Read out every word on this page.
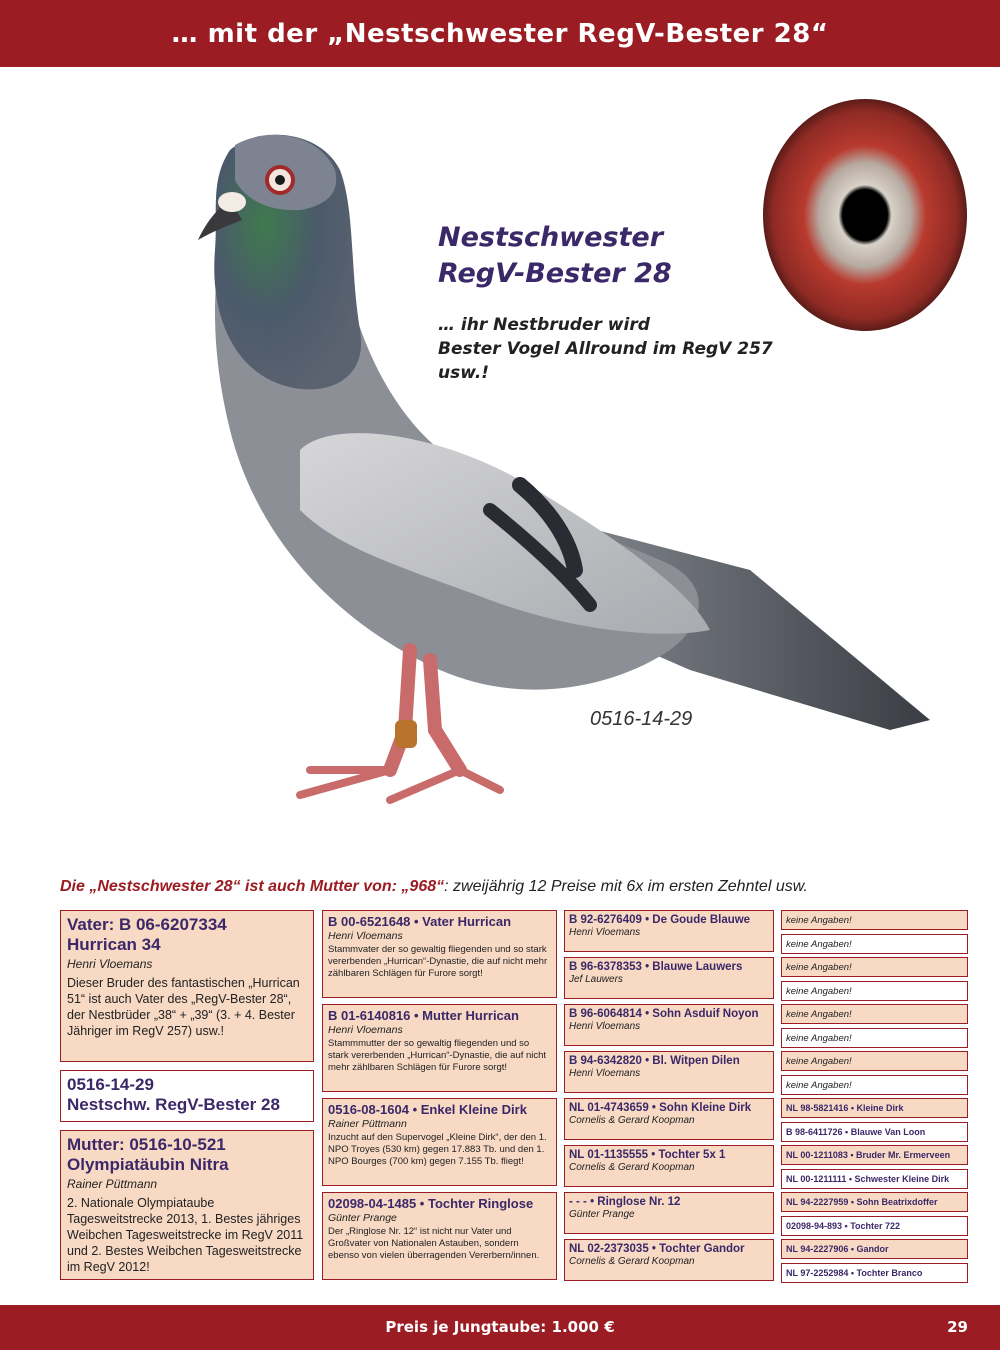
… mit der „Nestschwester RegV-Bester 28“
Nestschwester
RegV-Bester 28
… ihr Nestbruder wird
Bester Vogel Allround im RegV 257
usw.!
0516-14-29
Die „Nestschwester 28“ ist auch Mutter von: „968“: zweijährig 12 Preise mit 6x im ersten Zehntel usw.
Vater: B 06-6207334
Hurrican 34
Henri Vloemans
Dieser Bruder des fantastischen „Hurrican 51“ ist auch Vater des „RegV-Bester 28“, der Nestbrüder „38“ + „39“ (3. + 4. Bester Jähriger im RegV 257) usw.!
0516-14-29
Nestschw. RegV-Bester 28
Mutter: 0516-10-521
Olympiatäubin Nitra
Rainer Püttmann
2. Nationale Olympiataube Tagesweitstrecke 2013, 1. Bestes jähriges Weibchen Tagesweitstrecke im RegV 2011 und 2. Bestes Weibchen Tagesweitstrecke im RegV 2012!
B 00-6521648 • Vater Hurrican
Henri Vloemans
Stammvater der so gewaltig fliegenden und so stark vererbenden „Hurrican“-Dynastie, die auf nicht mehr zählbaren Schlägen für Furore sorgt!
B 01-6140816 • Mutter Hurrican
Henri Vloemans
Stammmutter der so gewaltig fliegenden und so stark vererbenden „Hurrican“-Dynastie, die auf nicht mehr zählbaren Schlägen für Furore sorgt!
0516-08-1604 • Enkel Kleine Dirk
Rainer Püttmann
Inzucht auf den Supervogel „Kleine Dirk“, der den 1. NPO Troyes (530 km) gegen 17.883 Tb. und den 1. NPO Bourges (700 km) gegen 7.155 Tb. fliegt!
02098-04-1485 • Tochter Ringlose
Günter Prange
Der „Ringlose Nr. 12“ ist nicht nur Vater und Großvater von Nationalen Astauben, sondern ebenso von vielen überragenden Vererbern/innen.
B 92-6276409 • De Goude Blauwe
Henri Vloemans
B 96-6378353 • Blauwe Lauwers
Jef Lauwers
B 96-6064814 • Sohn Asduif Noyon
Henri Vloemans
B 94-6342820 • Bl. Witpen Dilen
Henri Vloemans
NL 01-4743659 • Sohn Kleine Dirk
Cornelis & Gerard Koopman
NL 01-1135555 • Tochter 5x 1
Cornelis & Gerard Koopman
- - - • Ringlose Nr. 12
Günter Prange
NL 02-2373035 • Tochter Gandor
Cornelis & Gerard Koopman
keine Angaben!
keine Angaben!
keine Angaben!
keine Angaben!
keine Angaben!
keine Angaben!
keine Angaben!
keine Angaben!
NL 98-5821416 • Kleine Dirk
B 98-6411726 • Blauwe Van Loon
NL 00-1211083 • Bruder Mr. Ermerveen
NL 00-1211111 • Schwester Kleine Dirk
NL 94-2227959 • Sohn Beatrixdoffer
02098-94-893 • Tochter 722
NL 94-2227906 • Gandor
NL 97-2252984 • Tochter Branco
Preis je Jungtaube: 1.000 €	29
